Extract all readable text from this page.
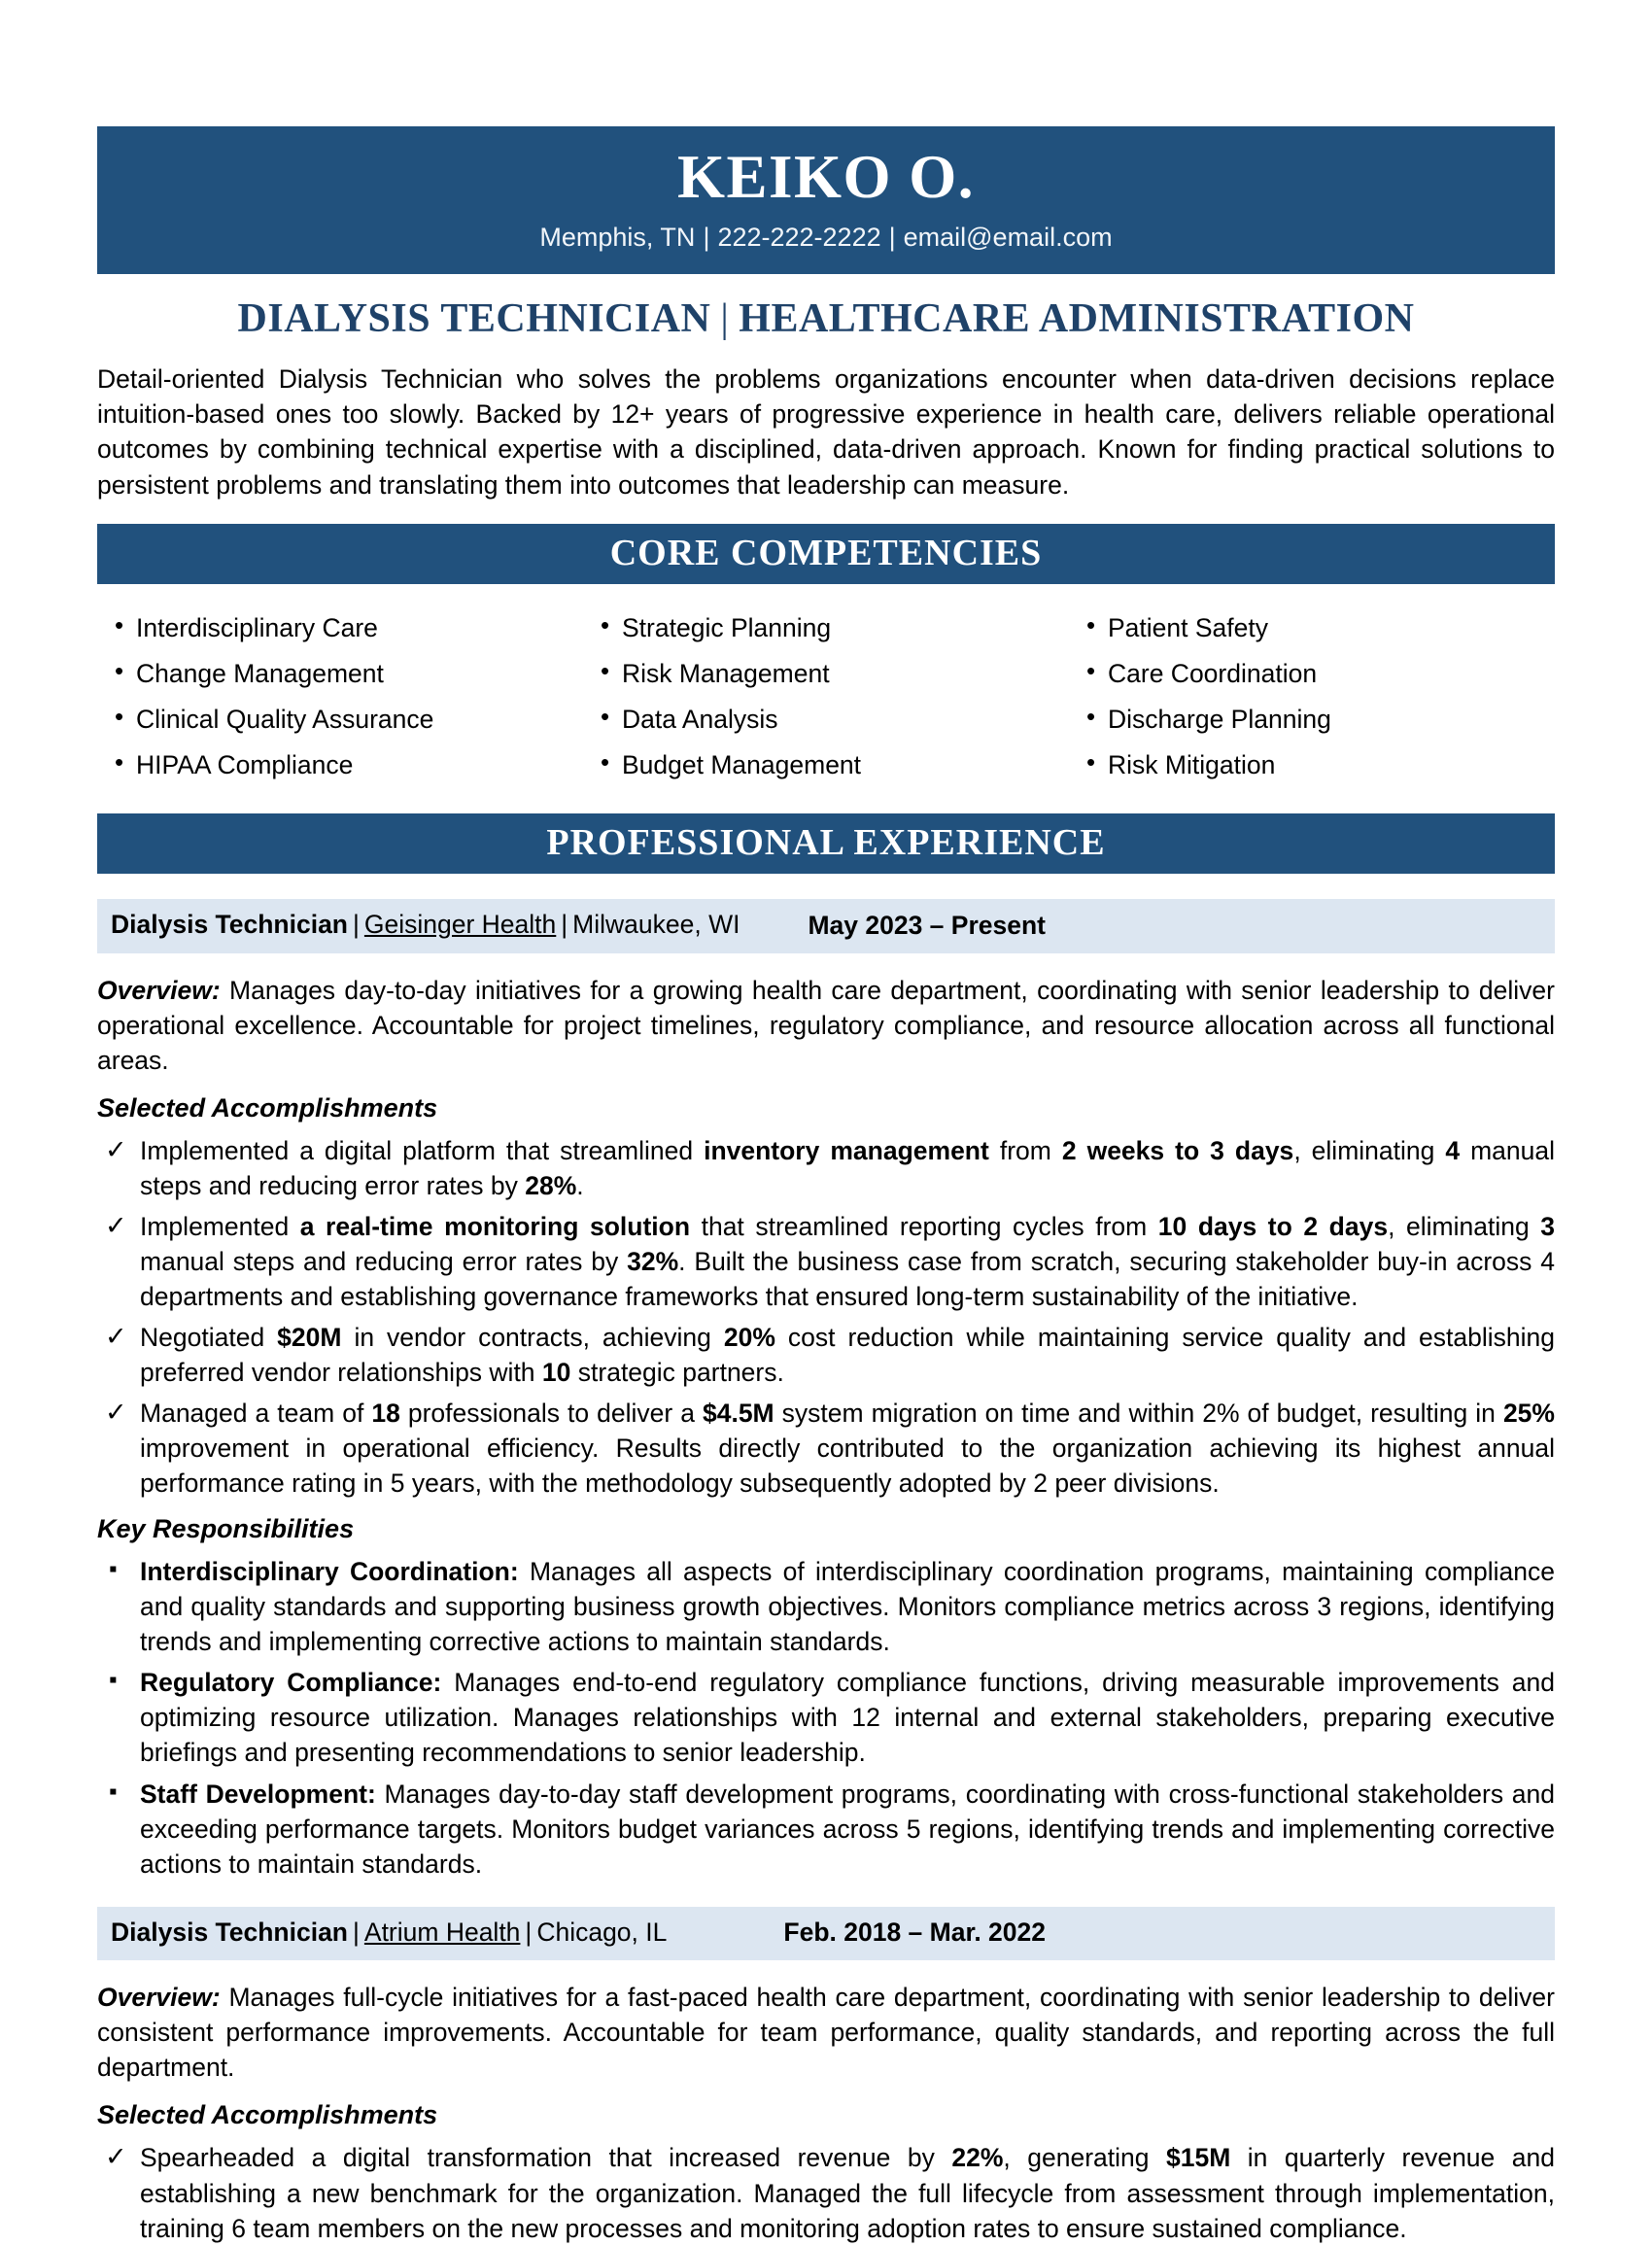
KEIKO O.
Memphis, TN | 222-222-2222 | email@email.com
DIALYSIS TECHNICIAN | HEALTHCARE ADMINISTRATION
Detail-oriented Dialysis Technician who solves the problems organizations encounter when data-driven decisions replace intuition-based ones too slowly. Backed by 12+ years of progressive experience in health care, delivers reliable operational outcomes by combining technical expertise with a disciplined, data-driven approach. Known for finding practical solutions to persistent problems and translating them into outcomes that leadership can measure.
CORE COMPETENCIES
• Interdisciplinary Care
• Change Management
• Clinical Quality Assurance
• HIPAA Compliance
• Strategic Planning
• Risk Management
• Data Analysis
• Budget Management
• Patient Safety
• Care Coordination
• Discharge Planning
• Risk Mitigation
PROFESSIONAL EXPERIENCE
Dialysis Technician | Geisinger Health | Milwaukee, WI	May 2023 – Present
Overview: Manages day-to-day initiatives for a growing health care department, coordinating with senior leadership to deliver operational excellence. Accountable for project timelines, regulatory compliance, and resource allocation across all functional areas.
Selected Accomplishments
✓ Implemented a digital platform that streamlined inventory management from 2 weeks to 3 days, eliminating 4 manual steps and reducing error rates by 28%.
✓ Implemented a real-time monitoring solution that streamlined reporting cycles from 10 days to 2 days, eliminating 3 manual steps and reducing error rates by 32%. Built the business case from scratch, securing stakeholder buy-in across 4 departments and establishing governance frameworks that ensured long-term sustainability of the initiative.
✓ Negotiated $20M in vendor contracts, achieving 20% cost reduction while maintaining service quality and establishing preferred vendor relationships with 10 strategic partners.
✓ Managed a team of 18 professionals to deliver a $4.5M system migration on time and within 2% of budget, resulting in 25% improvement in operational efficiency. Results directly contributed to the organization achieving its highest annual performance rating in 5 years, with the methodology subsequently adopted by 2 peer divisions.
Key Responsibilities
▪ Interdisciplinary Coordination: Manages all aspects of interdisciplinary coordination programs, maintaining compliance and quality standards and supporting business growth objectives. Monitors compliance metrics across 3 regions, identifying trends and implementing corrective actions to maintain standards.
▪ Regulatory Compliance: Manages end-to-end regulatory compliance functions, driving measurable improvements and optimizing resource utilization. Manages relationships with 12 internal and external stakeholders, preparing executive briefings and presenting recommendations to senior leadership.
▪ Staff Development: Manages day-to-day staff development programs, coordinating with cross-functional stakeholders and exceeding performance targets. Monitors budget variances across 5 regions, identifying trends and implementing corrective actions to maintain standards.
Dialysis Technician | Atrium Health | Chicago, IL	Feb. 2018 – Mar. 2022
Overview: Manages full-cycle initiatives for a fast-paced health care department, coordinating with senior leadership to deliver consistent performance improvements. Accountable for team performance, quality standards, and reporting across the full department.
Selected Accomplishments
✓ Spearheaded a digital transformation that increased revenue by 22%, generating $15M in quarterly revenue and establishing a new benchmark for the organization. Managed the full lifecycle from assessment through implementation, training 6 team members on the new processes and monitoring adoption rates to ensure sustained compliance.
